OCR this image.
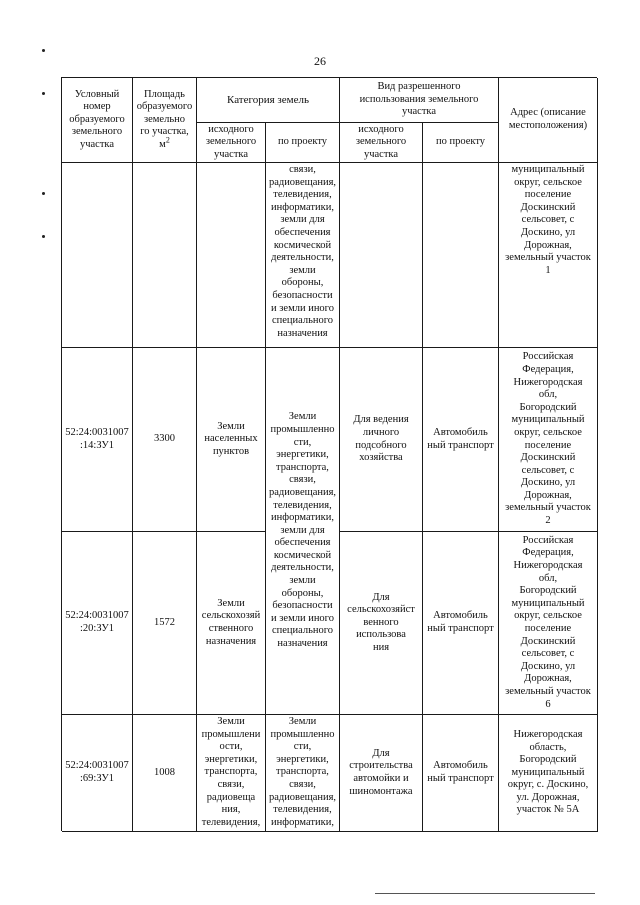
26
Условный
номер
образуемого
земельного
участка
Площадь
образуемого
земельно
го участка,
$м^2$
Категория земель
Вид разрешенного
использования земельного
участка	Адрес (описание
местоположения)
исходного
земельного
участка
по проекту
исходного
земельного
участка
по проекту
связи,
радиовещания,
телевидения,
информатики,
земли для
обеспечения
космической
деятельности,
земли
обороны,
безопасности
и земли иного
специального
назначения
муниципальный
округ, сельское
поселение
Доскинский
сельсовет, с
Доскино, ул
Дорожная,
земельный участок
1
52:24:0031007
:14:ЗУ1
3300
Земли
населенных
пунктов
Земли
промышленно
сти,
энергетики,
транспорта,
связи,
радиовещания,
телевидения,
информатики,
земли для
обеспечения
космической
деятельности,
земли
обороны,
безопасности
и земли иного
специального
назначения
Для ведения
личного
подсобного
хозяйства
Автомобиль
ный транспорт
Российская
Федерация,
Нижегородская
обл,
Богородский
муниципальный
округ, сельское
поселение
Доскинский
сельсовет, с
Доскино, ул
Дорожная,
земельный участок
2
52:24:0031007
:20:ЗУ1
1572
Земли
сельскохозяй
ственного
назначения
Для
сельскохозяйст
венного
использова
ния
Автомобиль
ный транспорт
Российская
Федерация,
Нижегородская
обл,
Богородский
муниципальный
округ, сельское
поселение
Доскинский
сельсовет, с
Доскино, ул
Дорожная,
земельный участок
6
52:24:0031007
:69:ЗУ1
1008
Земли
промышлени
ости,
энергетики,
транспорта,
связи,
радиовеща
ния,
телевидения,
Земли
промышленно
сти,
энергетики,
транспорта,
связи,
радиовещания,
телевидения,
информатики,
Для
строительства
автомойки и
шиномонтажа
Автомобиль
ный транспорт
Нижегородская
область,
Богородский
муниципальный
округ, с. Доскино,
ул. Дорожная,
участок № 5А
